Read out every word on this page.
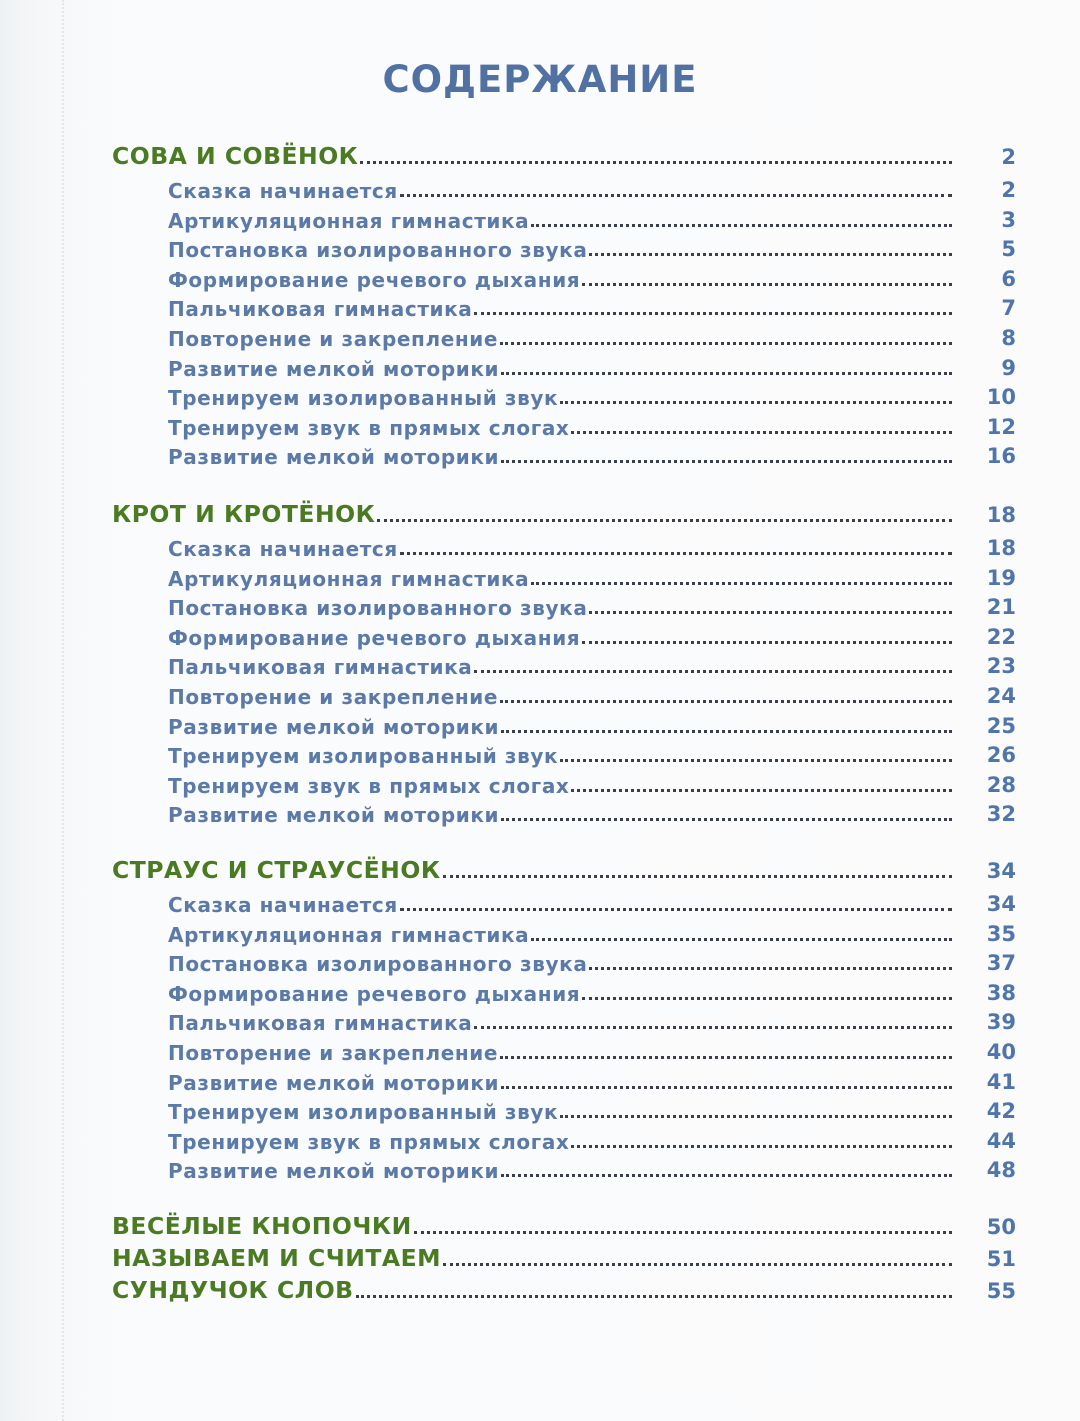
СОДЕРЖАНИЕ
СОВА И СОВЁНОК	2
Сказка начинается	2
Артикуляционная гимнастика	3
Постановка изолированного звука	5
Формирование речевого дыхания	6
Пальчиковая гимнастика	7
Повторение и закрепление	8
Развитие мелкой моторики	9
Тренируем изолированный звук	10
Тренируем звук в прямых слогах	12
Развитие мелкой моторики	16
КРОТ И КРОТЁНОК	18
Сказка начинается	18
Артикуляционная гимнастика	19
Постановка изолированного звука	21
Формирование речевого дыхания	22
Пальчиковая гимнастика	23
Повторение и закрепление	24
Развитие мелкой моторики	25
Тренируем изолированный звук	26
Тренируем звук в прямых слогах	28
Развитие мелкой моторики	32
СТРАУС И СТРАУСЁНОК	34
Сказка начинается	34
Артикуляционная гимнастика	35
Постановка изолированного звука	37
Формирование речевого дыхания	38
Пальчиковая гимнастика	39
Повторение и закрепление	40
Развитие мелкой моторики	41
Тренируем изолированный звук	42
Тренируем звук в прямых слогах	44
Развитие мелкой моторики	48
ВЕСЁЛЫЕ КНОПОЧКИ	50
НАЗЫВАЕМ И СЧИТАЕМ	51
СУНДУЧОК СЛОВ	55
